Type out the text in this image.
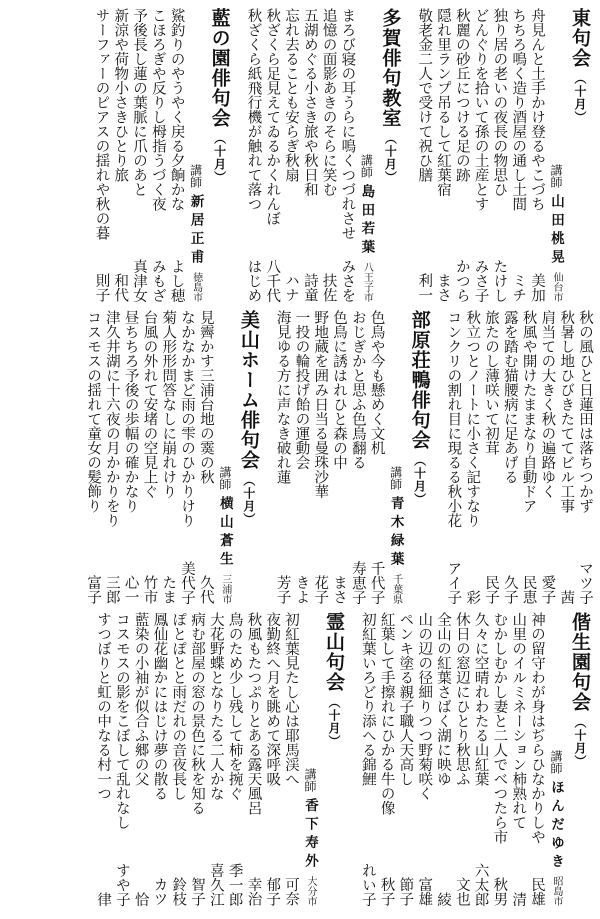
東句会
（十月）
講師
山田桃晃
仙台市
舟見んと土手かけ登るやこづち
美加
ちちろ鳴く造り酒屋の通し土間
ミチ
独り居の老いの夜長の物思ひ
たけし
どんぐりを拾いて孫の土産とす
みさ子
秋麗の砂丘につける足の跡
かつら
隠れ里ランプ吊るして紅葉宿
まさ
敬老金二人で受けて祝ひ膳
利一
多賀俳句教室
（十月）
講師
島田若葉
八王子市
まろび寝の耳うらに鳴くつづれさせ
みさを
追憶の面影あきのそらに笑む
扶佐
五湖めぐる小さき旅や秋日和
詩童
忘れ去ることも安らぎ秋扇
ハナ
秋ざくら足見えてゐるかくれんぼ
八千代
秋ざくら紙飛行機が触れて落つ
はじめ
藍の園俳句会
（十月）
講師
新居正甫
徳島市
鯊釣りのやうやく戻る夕餉かな
よし穂
こほろぎや反りし栂指うづく夜
みもざ
予後長し蓮の葉脈に爪のあと
真津女
新涼や荷物小さきひとり旅
和代
サーファーのピアスの揺れや秋の暮
則子
秋の風ひと日蓮田は落ちつかず
マツ子
秋暑し地ひびきたててビル工事
茜
肩当ての大きく秋の遍路ゆく
愛子
秋風や開けたままなり自動ドア
民恵
露を踏む猫腰病に足あげる
久子
旅たのし薄咲いて初茸
民子
秋立つとノートに小さく記すなり
彩
コンクリの割れ目に現るる秋小花
アイ子
部原荘鴨俳句会
（十月）
講師
青木緑葉
千葉県
色鳥や今も懸めく文机
千代子
おじぎかと思ふ色鳥翻る
寿恵子
色鳥に誘はれひと森の中
まさ
野地蔵を囲み日当る曼珠沙華
花子
一投の輪投げ飴の運動会
きよ
海見ゆる方に声なき破れ蓮
芳子
美山ホーム俳句会
（十月）
講師
横山蒼生
三浦市
見霽かす三浦台地の霙の秋
久代
なかなかまど雨の雫のひかりけり
美代子
菊人形形問答なしに崩れけり
たま
台風の外れて安堵の空見上ぐ
竹市
昼ちちろ予後の歩幅の確かなり
心一
津久井湖に十六夜の月かかりをり
三郎
コスモスの揺れて童女の髪飾り
富子
偕生園句会
（十月）
講師
ほんだゆき
昭島市
神の留守わが身はぢらひなかりしや
民雄
山里のイルミネーション柿熟れて
清
むかしむかし妻と二人でべつたら市
秋男
久々に空晴れわたる山紅葉
六太郎
休日の窓辺にひとり秋思ふ
文也
全山の紅葉さばく湖に映ゆ
綾
山の辺の径細りつつ野菊咲く
富雄
ペンキ塗る親子職人天高し
節子
紅葉して手擦れにひかる牛の像
秋子
初紅葉いろどり添へる錦鯉
れい子
霊山句会
（十月）
講師
香下寿外
大分市
初紅葉見たし心は耶馬渓へ
可奈
夜勤終へ月を眺めて深呼吸
郁子
秋風もたつぷりとある露天風呂
幸治
鳥のため少し残して柿を捥ぐ
季一郎
大花野蝶となりたる二人かな
喜久江
病む部屋の窓の景色に秋を知る
智子
ぽとぽとと雨だれの音夜長し
鈴枝
鳳仙花幽かにはじけ夢の散る
カツ
藍染の小袖が似合ふ郷の父
恰
コスモスの影をこぼして乱れなし
すや子
すつぼりと虹の中なる村一つ
律
